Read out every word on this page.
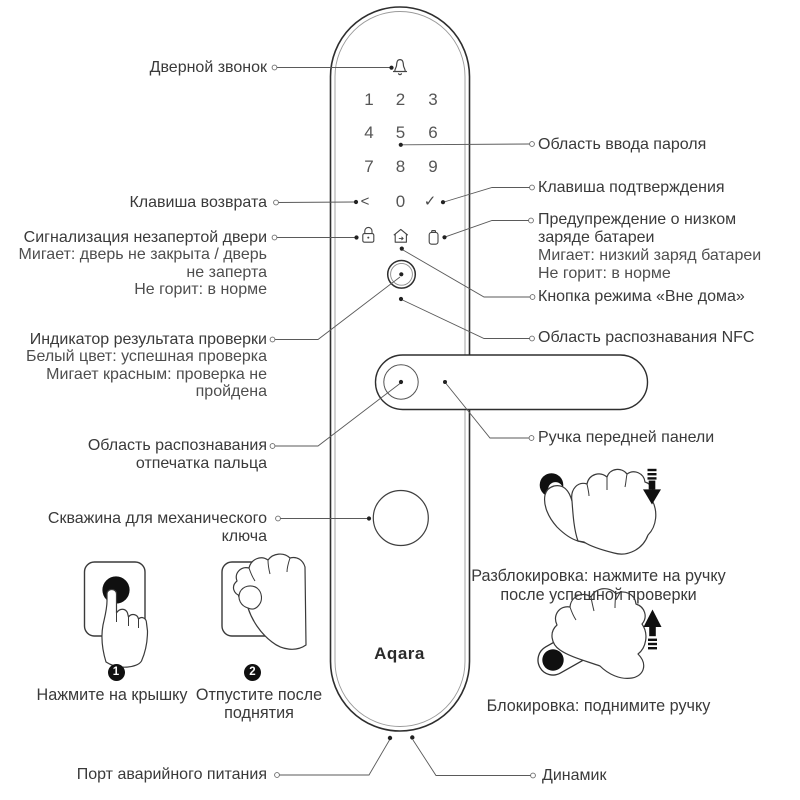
1	2	3
4	5	6
7	8	9
<	0	✓
Aqara
Дверной звонок
Клавиша возврата
Сигнализация незапертой двери
Мигает: дверь не закрыта / дверь
не заперта
Не горит: в норме
Индикатор результата проверки
Белый цвет: успешная проверка
Мигает красным: проверка не
пройдена
Область распознавания
отпечатка пальца
Скважина для механического
ключа
Область ввода пароля
Клавиша подтверждения
Предупреждение о низком
заряде батареи
Мигает: низкий заряд батареи
Не горит: в норме
Кнопка режима «Вне дома»
Область распознавания NFC
Ручка передней панели
1	2
Нажмите на крышку Отпустите после
поднятия
Разблокировка: нажмите на ручку
после успешной проверки
Блокировка: поднимите ручку
Порт аварийного питания	Динамик
